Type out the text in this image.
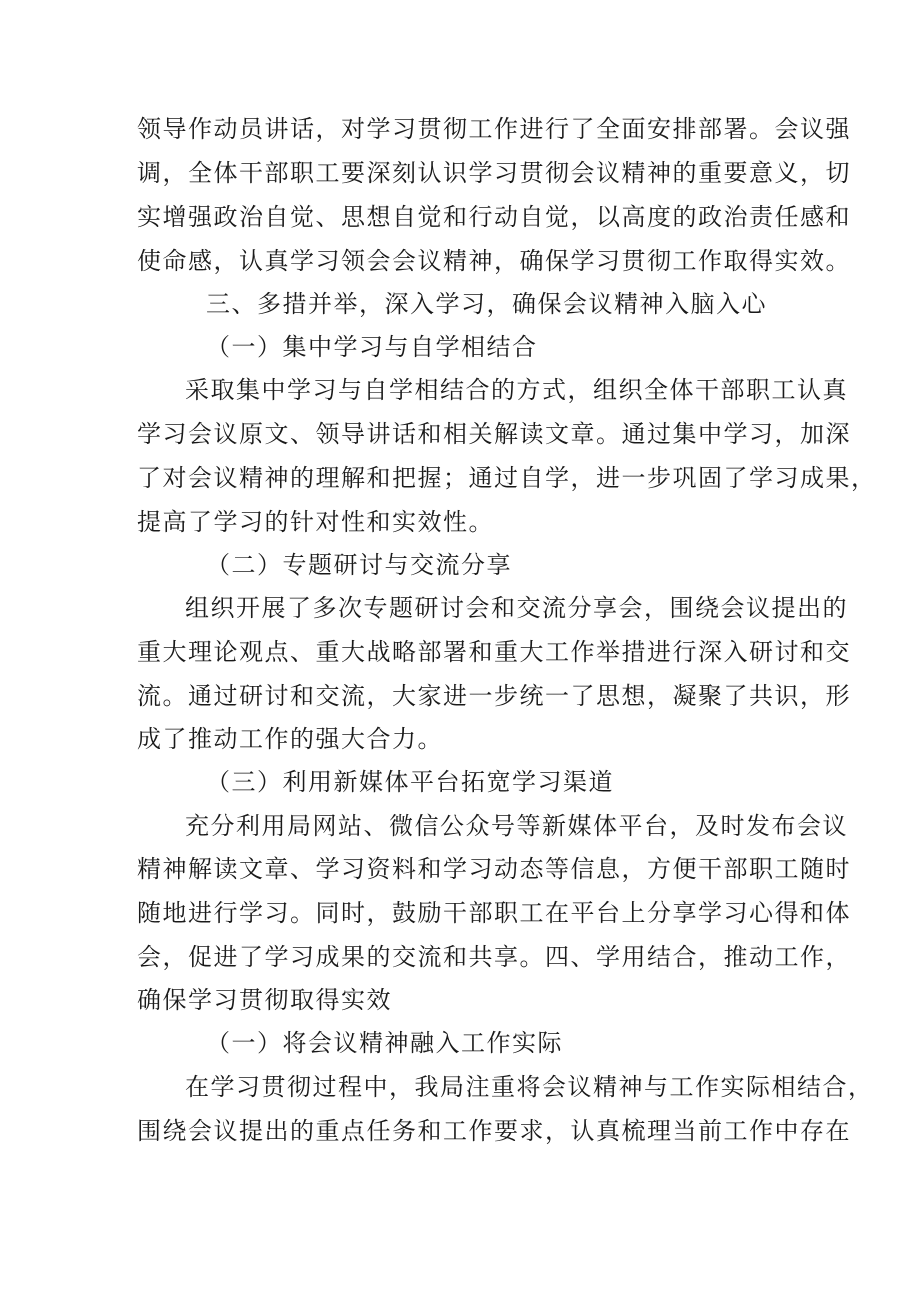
领导作动员讲话，对学习贯彻工作进行了全面安排部署。会议强
调，全体干部职工要深刻认识学习贯彻会议精神的重要意义，切
实增强政治自觉、思想自觉和行动自觉，以高度的政治责任感和
使命感，认真学习领会会议精神，确保学习贯彻工作取得实效。
三、多措并举，深入学习，确保会议精神入脑入心
（一）集中学习与自学相结合
采取集中学习与自学相结合的方式，组织全体干部职工认真
学习会议原文、领导讲话和相关解读文章。通过集中学习，加深
了对会议精神的理解和把握；通过自学，进一步巩固了学习成果，
提高了学习的针对性和实效性。
（二）专题研讨与交流分享
组织开展了多次专题研讨会和交流分享会，围绕会议提出的
重大理论观点、重大战略部署和重大工作举措进行深入研讨和交
流。通过研讨和交流，大家进一步统一了思想，凝聚了共识，形
成了推动工作的强大合力。
（三）利用新媒体平台拓宽学习渠道
充分利用局网站、微信公众号等新媒体平台，及时发布会议
精神解读文章、学习资料和学习动态等信息，方便干部职工随时
随地进行学习。同时，鼓励干部职工在平台上分享学习心得和体
会，促进了学习成果的交流和共享。四、学用结合，推动工作，
确保学习贯彻取得实效
（一）将会议精神融入工作实际
在学习贯彻过程中，我局注重将会议精神与工作实际相结合，
围绕会议提出的重点任务和工作要求，认真梳理当前工作中存在
